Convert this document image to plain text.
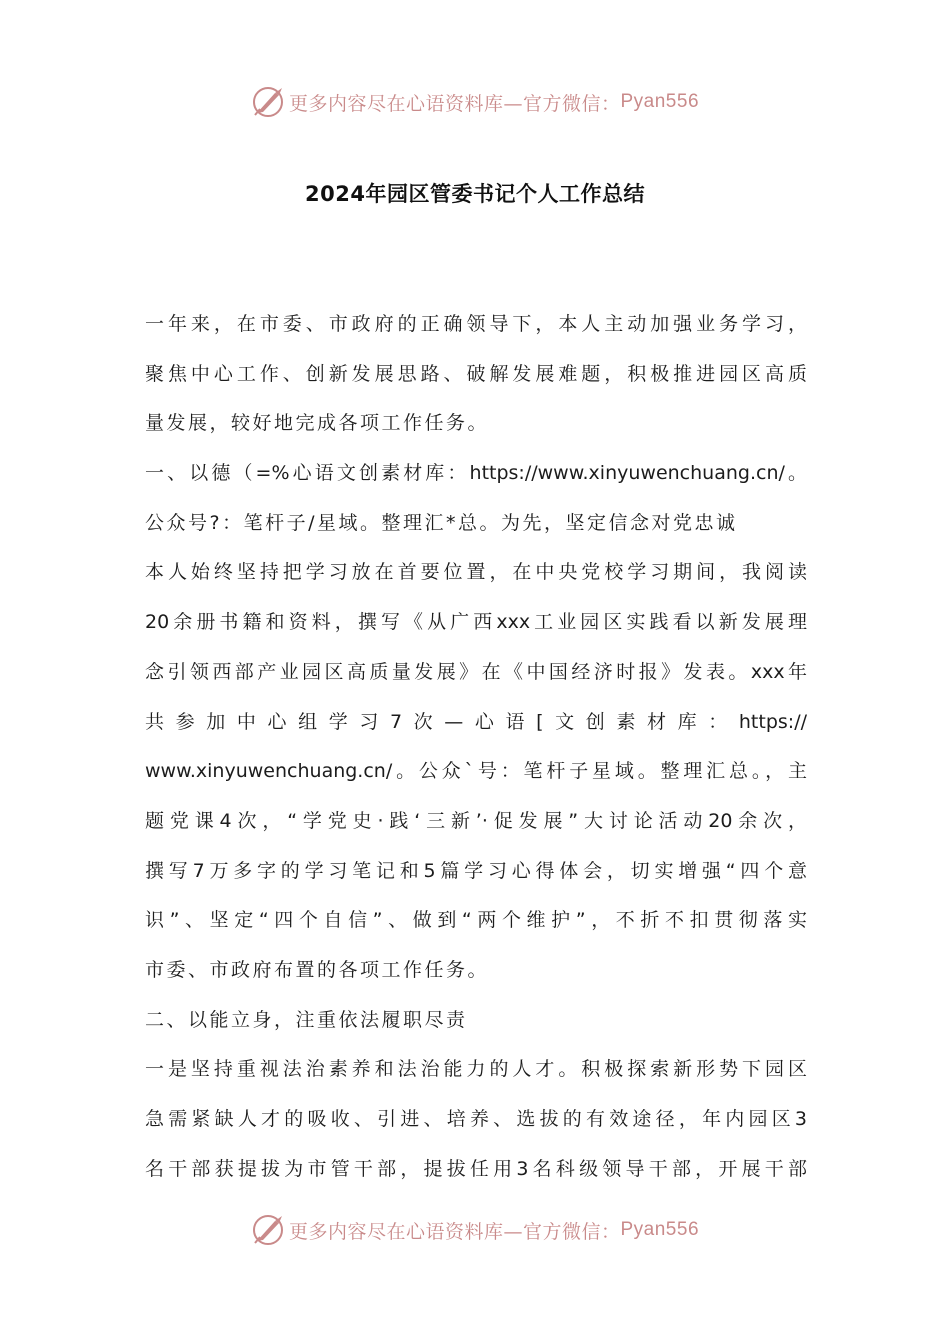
更多内容尽在心语资料库—官方微信： Pyan556
2024年园区管委书记个人工作总结
一年来，在市委、市政府的正确领导下，本人主动加强业务学习，
聚焦中心工作、创新发展思路、破解发展难题，积极推进园区高质
量发展，较好地完成各项工作任务。
一、以德（=%心语文创素材库：https://www.xinyuwenchuang.cn/。
公众号?：笔杆子/星域。整理汇*总。为先，坚定信念对党忠诚
本人始终坚持把学习放在首要位置，在中央党校学习期间，我阅读
20余册书籍和资料，撰写《从广西xxx工业园区实践看以新发展理
念引领西部产业园区高质量发展》在《中国经济时报》发表。xxx年
共参加中心组学习7次—心语[文创素材库：https://
www.xinyuwenchuang.cn/。公众`号：笔杆子星域。整理汇总。，主
题党课4次，“学党史·践‘三新’·促发展”大讨论活动20余次，
撰写7万多字的学习笔记和5篇学习心得体会，切实增强“四个意
识”、坚定“四个自信”、做到“两个维护”，不折不扣贯彻落实
市委、市政府布置的各项工作任务。
二、以能立身，注重依法履职尽责
一是坚持重视法治素养和法治能力的人才。积极探索新形势下园区
急需紧缺人才的吸收、引进、培养、选拔的有效途径，年内园区3
名干部获提拔为市管干部，提拔任用3名科级领导干部，开展干部
更多内容尽在心语资料库—官方微信： Pyan556
